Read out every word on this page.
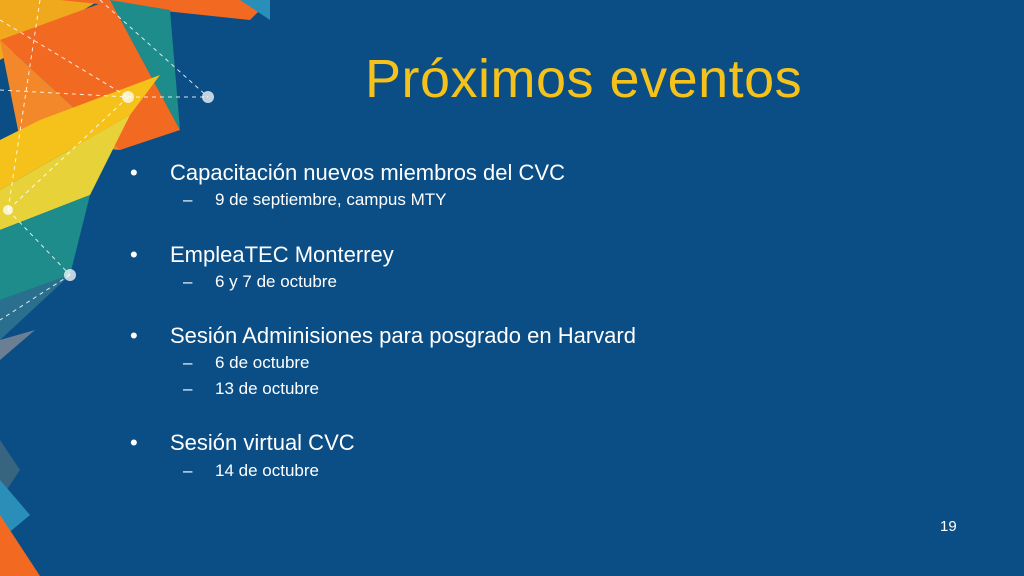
Próximos eventos
• Capacitación nuevos miembros del CVC
– 9 de septiembre, campus MTY
• EmpleaTEC Monterrey
– 6 y 7 de octubre
• Sesión Adminisiones para posgrado en Harvard
– 6 de octubre
– 13 de octubre
• Sesión virtual CVC
– 14 de octubre
19
